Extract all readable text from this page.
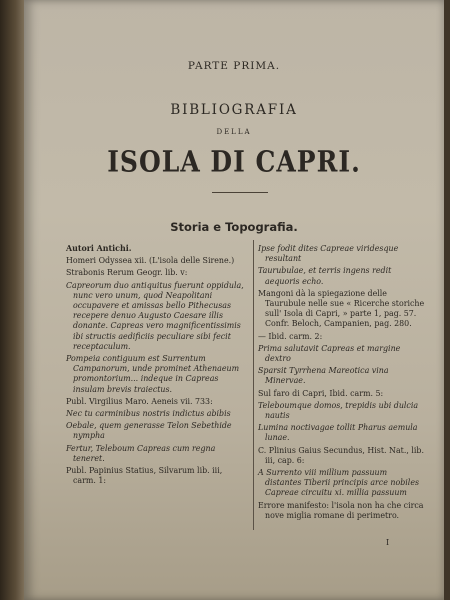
PARTE PRIMA.
BIBLIOGRAFIA
DELLA
ISOLA DI CAPRI.
Storia e Topografia.

Autori Antichi.

Homeri Odyssea xii. (L'isola delle Sirene.)

Strabonis Rerum Geogr. lib. v:

Capreorum duo antiquitus fuerunt oppidula, nunc vero unum, quod Neapolitani occupavere et amissas bello Pithecusas recepere denuo Augusto Caesare illis donante. Capreas vero magnificentissimis ibi structis aedificiis peculiare sibi fecit receptaculum.

Pompeia contiguum est Surrentum Campanorum, unde prominet Athenaeum promontorium... indeque in Capreas insulam brevis traiectus.

Publ. Virgilius Maro. Aeneis vii. 733:

Nec tu carminibus nostris indictus abibis

Oebale, quem generasse Telon Sebethide nympha

Fertur, Teleboum Capreas cum regna teneret.

Publ. Papinius Statius, Silvarum lib. iii, carm. 1:

Ipse fodit dites Capreae viridesque resultant

Taurubulae, et terris ingens redit aequoris echo.

Mangoni dà la spiegazione delle Taurubule nelle sue « Ricerche storiche sull' Isola di Capri, » parte 1, pag. 57. Confr. Beloch, Campanien, pag. 280.

— Ibid. carm. 2:

Prima salutavit Capreas et margine dextro

Sparsit Tyrrhena Mareotica vina Minervae.

Sul faro di Capri, Ibid. carm. 5:

Teleboumque domos, trepidis ubi dulcia nautis

Lumina noctivagae tollit Pharus aemula lunae.

C. Plinius Gaius Secundus, Hist. Nat., lib. iii, cap. 6:

A Surrento viii millium passuum distantes Tiberii principis arce nobiles Capreae circuitu xi. millia passuum

Errore manifesto: l'isola non ha che circa nove miglia romane di perimetro.

I
